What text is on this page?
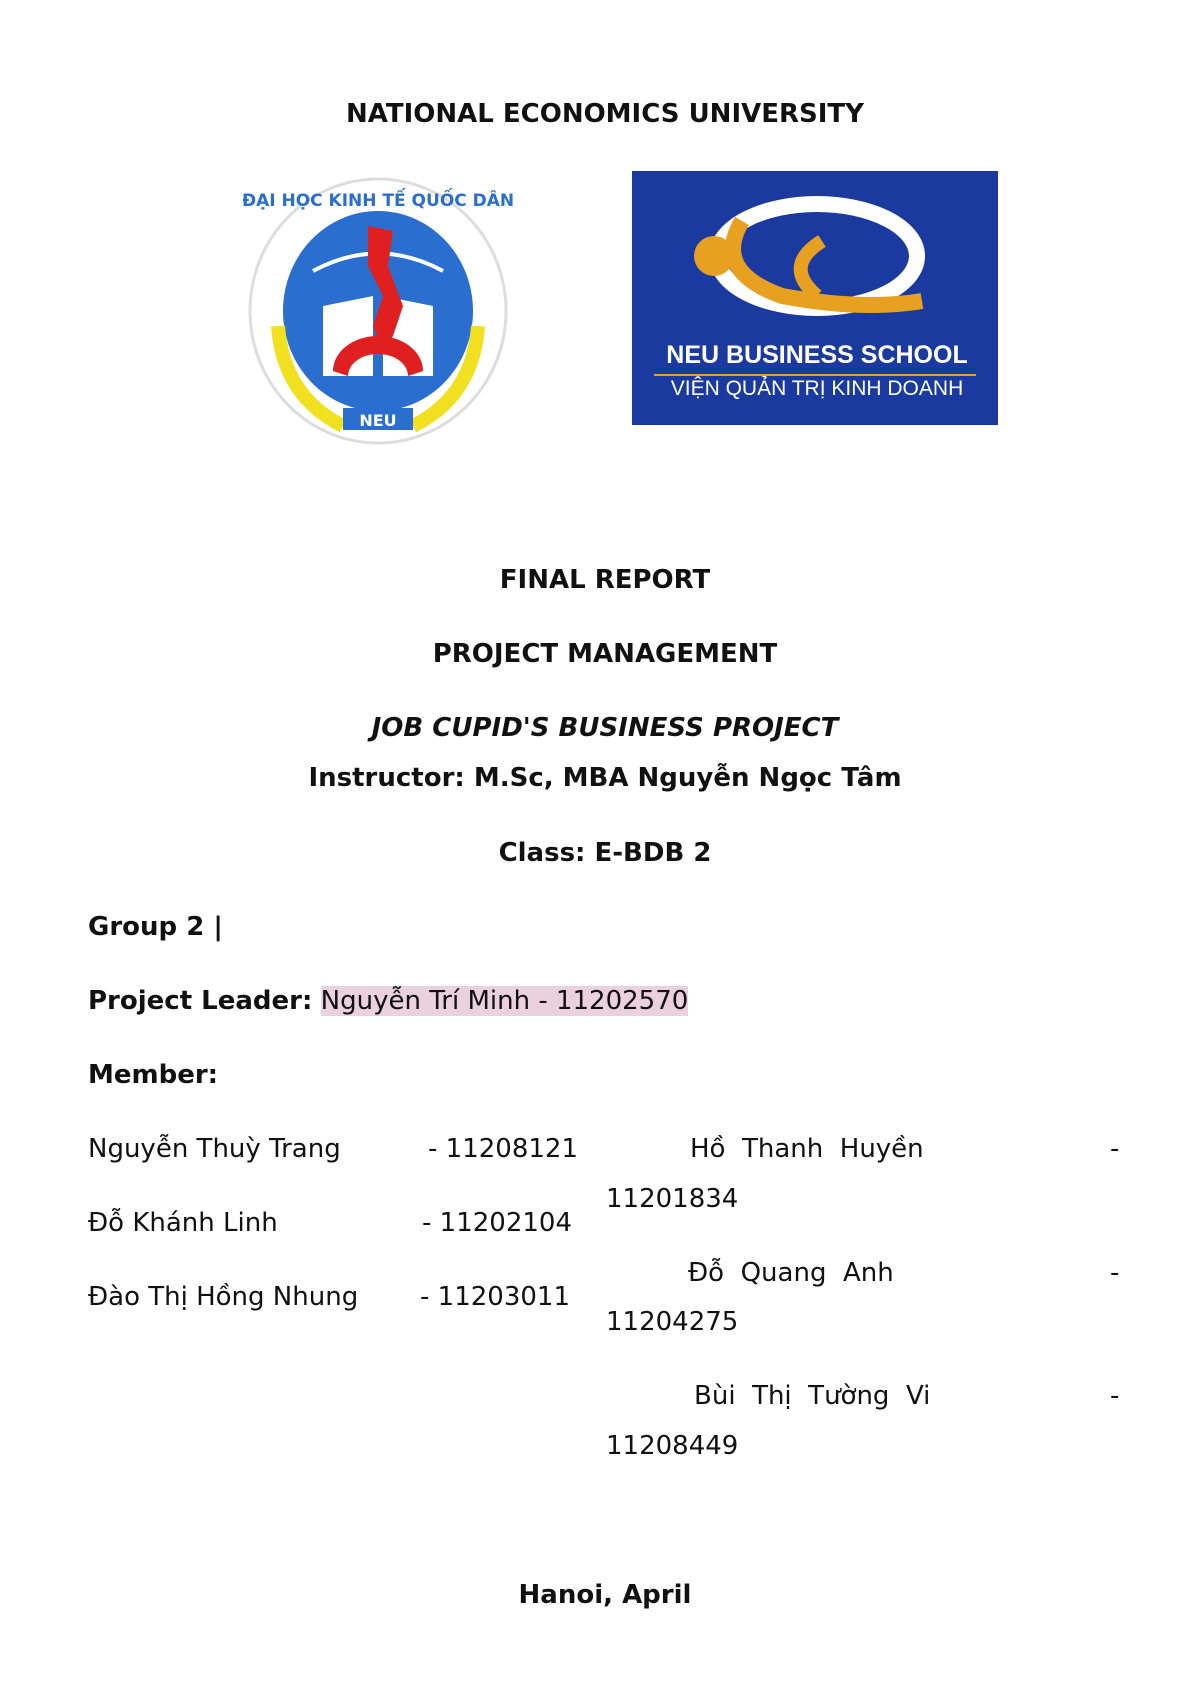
NATIONAL ECONOMICS UNIVERSITY
NEU
ĐẠI HỌC KINH TẾ QUỐC DÂN
NEU BUSINESS SCHOOL
VIỆN QUẢN TRỊ KINH DOANH
FINAL REPORT
PROJECT MANAGEMENT
JOB CUPID'S BUSINESS PROJECT
Instructor: M.Sc, MBA Nguyễn Ngọc Tâm
Class: E-BDB 2
Group 2 |
Project Leader: Nguyễn Trí Minh - 11202570
Member:
Nguyễn Thuỳ Trang	- 11208121
Đỗ Khánh Linh	- 11202104
Đào Thị Hồng Nhung - 11203011
Hồ  Thanh  Huyền	-
11201834
Đỗ  Quang  Anh	-
11204275
Bùi  Thị  Tường  Vi	-
11208449
Hanoi, April
